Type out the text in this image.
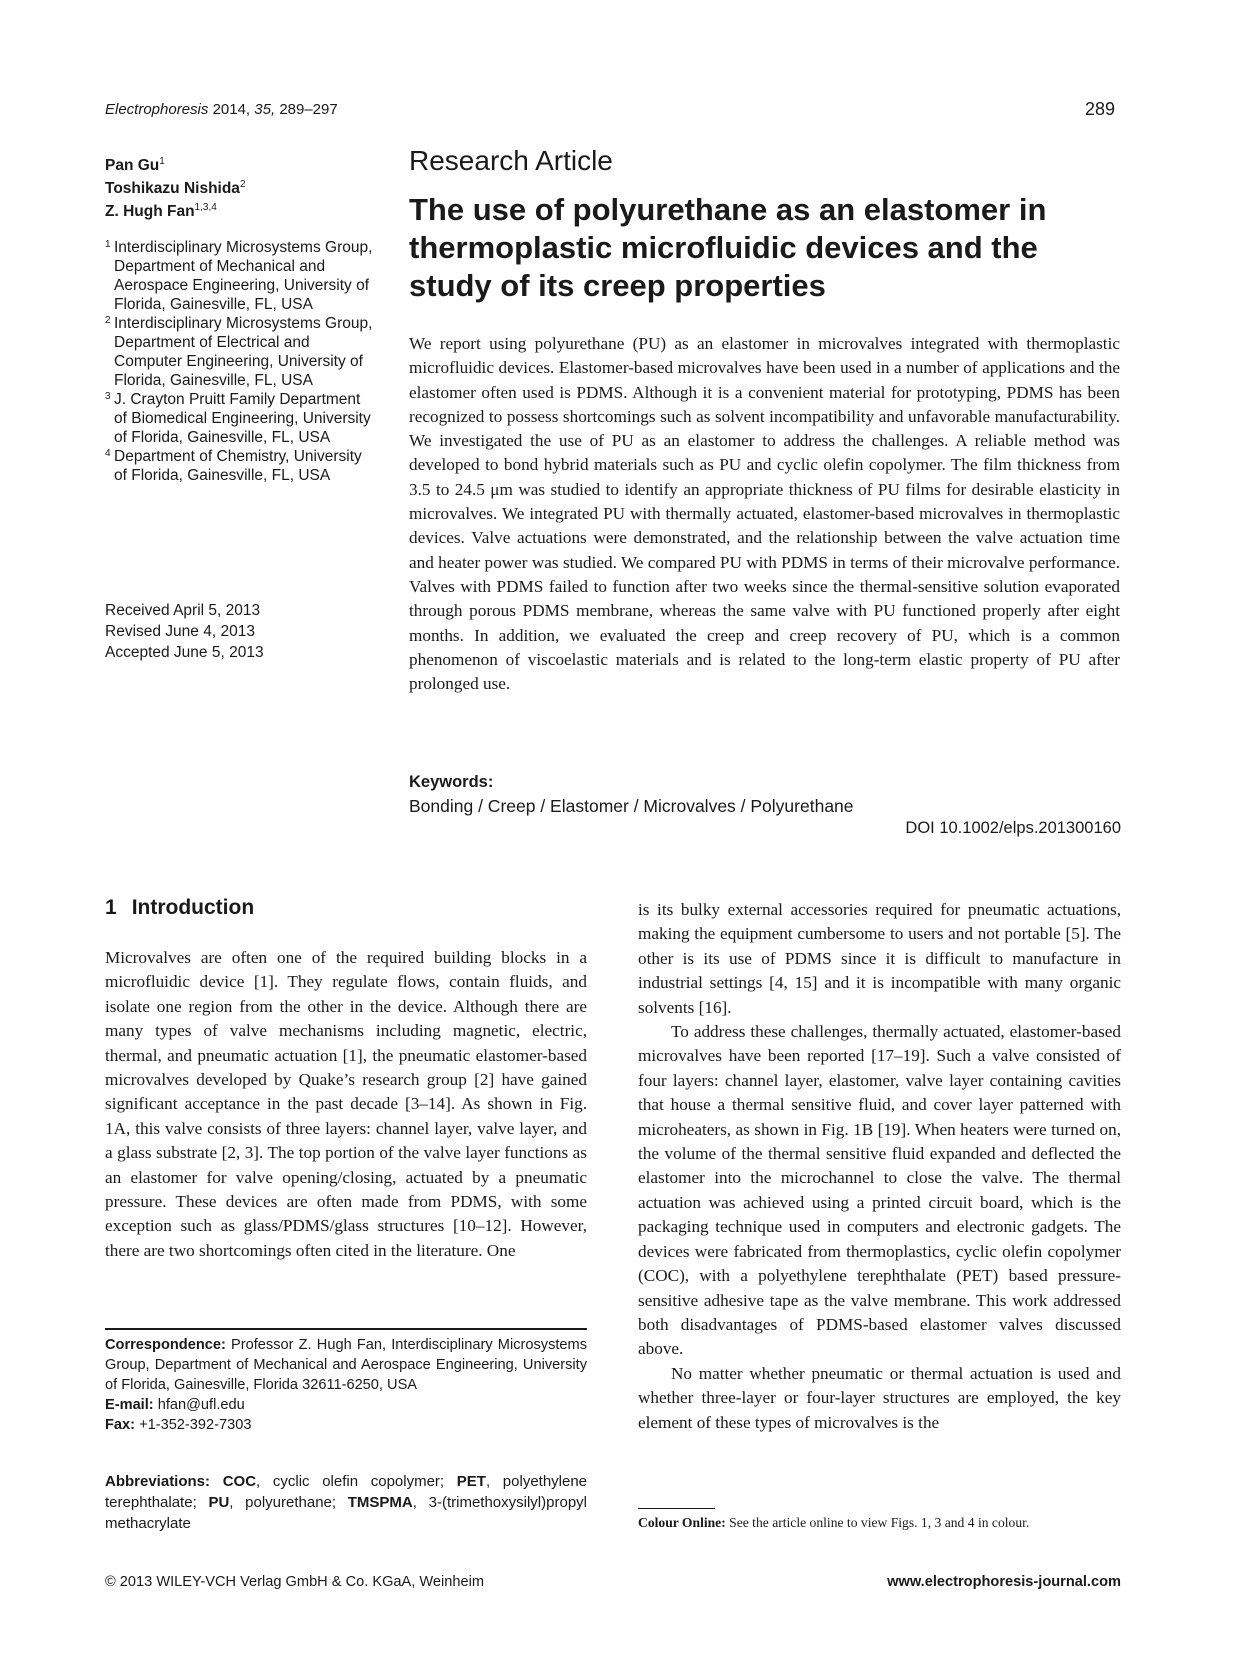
Electrophoresis 2014, 35, 289–297	289
Pan Gu$^1$
Toshikazu Nishida$^2$
Z. Hugh Fan$^{1,3,4}$
1 Interdisciplinary Microsystems Group, Department of Mechanical and Aerospace Engineering, University of Florida, Gainesville, FL, USA
2 Interdisciplinary Microsystems Group, Department of Electrical and Computer Engineering, University of Florida, Gainesville, FL, USA
3 J. Crayton Pruitt Family Department of Biomedical Engineering, University of Florida, Gainesville, FL, USA
4 Department of Chemistry, University of Florida, Gainesville, FL, USA
Received April 5, 2013
Revised June 4, 2013
Accepted June 5, 2013
Research Article
The use of polyurethane as an elastomer in thermoplastic microfluidic devices and the study of its creep properties

We report using polyurethane (PU) as an elastomer in microvalves integrated with thermoplastic microfluidic devices. Elastomer-based microvalves have been used in a number of applications and the elastomer often used is PDMS. Although it is a convenient material for prototyping, PDMS has been recognized to possess shortcomings such as solvent incompatibility and unfavorable manufacturability. We investigated the use of PU as an elastomer to address the challenges. A reliable method was developed to bond hybrid materials such as PU and cyclic olefin copolymer. The film thickness from 3.5 to 24.5 μm was studied to identify an appropriate thickness of PU films for desirable elasticity in microvalves. We integrated PU with thermally actuated, elastomer-based microvalves in thermoplastic devices. Valve actuations were demonstrated, and the relationship between the valve actuation time and heater power was studied. We compared PU with PDMS in terms of their microvalve performance. Valves with PDMS failed to function after two weeks since the thermal-sensitive solution evaporated through porous PDMS membrane, whereas the same valve with PU functioned properly after eight months. In addition, we evaluated the creep and creep recovery of PU, which is a common phenomenon of viscoelastic materials and is related to the long-term elastic property of PU after prolonged use.

Keywords:
Bonding / Creep / Elastomer / Microvalves / Polyurethane
DOI 10.1002/elps.201300160
1 Introduction

Microvalves are often one of the required building blocks in a microfluidic device [1]. They regulate flows, contain fluids, and isolate one region from the other in the device. Although there are many types of valve mechanisms including magnetic, electric, thermal, and pneumatic actuation [1], the pneumatic elastomer-based microvalves developed by Quake’s research group [2] have gained significant acceptance in the past decade [3–14]. As shown in Fig. 1A, this valve consists of three layers: channel layer, valve layer, and a glass substrate [2, 3]. The top portion of the valve layer functions as an elastomer for valve opening/closing, actuated by a pneumatic pressure. These devices are often made from PDMS, with some exception such as glass/PDMS/glass structures [10–12]. However, there are two shortcomings often cited in the literature. One

is its bulky external accessories required for pneumatic actuations, making the equipment cumbersome to users and not portable [5]. The other is its use of PDMS since it is difficult to manufacture in industrial settings [4, 15] and it is incompatible with many organic solvents [16].

To address these challenges, thermally actuated, elastomer-based microvalves have been reported [17–19]. Such a valve consisted of four layers: channel layer, elastomer, valve layer containing cavities that house a thermal sensitive fluid, and cover layer patterned with microheaters, as shown in Fig. 1B [19]. When heaters were turned on, the volume of the thermal sensitive fluid expanded and deflected the elastomer into the microchannel to close the valve. The thermal actuation was achieved using a printed circuit board, which is the packaging technique used in computers and electronic gadgets. The devices were fabricated from thermoplastics, cyclic olefin copolymer (COC), with a polyethylene terephthalate (PET) based pressure-sensitive adhesive tape as the valve membrane. This work addressed both disadvantages of PDMS-based elastomer valves discussed above.

No matter whether pneumatic or thermal actuation is used and whether three-layer or four-layer structures are employed, the key element of these types of microvalves is the

Correspondence: Professor Z. Hugh Fan, Interdisciplinary Microsystems Group, Department of Mechanical and Aerospace Engineering, University of Florida, Gainesville, Florida 32611-6250, USA

E-mail: hfan@ufl.edu

Fax: +1-352-392-7303

Abbreviations: COC, cyclic olefin copolymer; PET, polyethylene terephthalate; PU, polyurethane; TMSPMA, 3-(trimethoxysilyl)propyl methacrylate	Colour Online: See the article online to view Figs. 1, 3 and 4 in colour.
© 2013 WILEY-VCH Verlag GmbH & Co. KGaA, Weinheim	www.electrophoresis-journal.com
